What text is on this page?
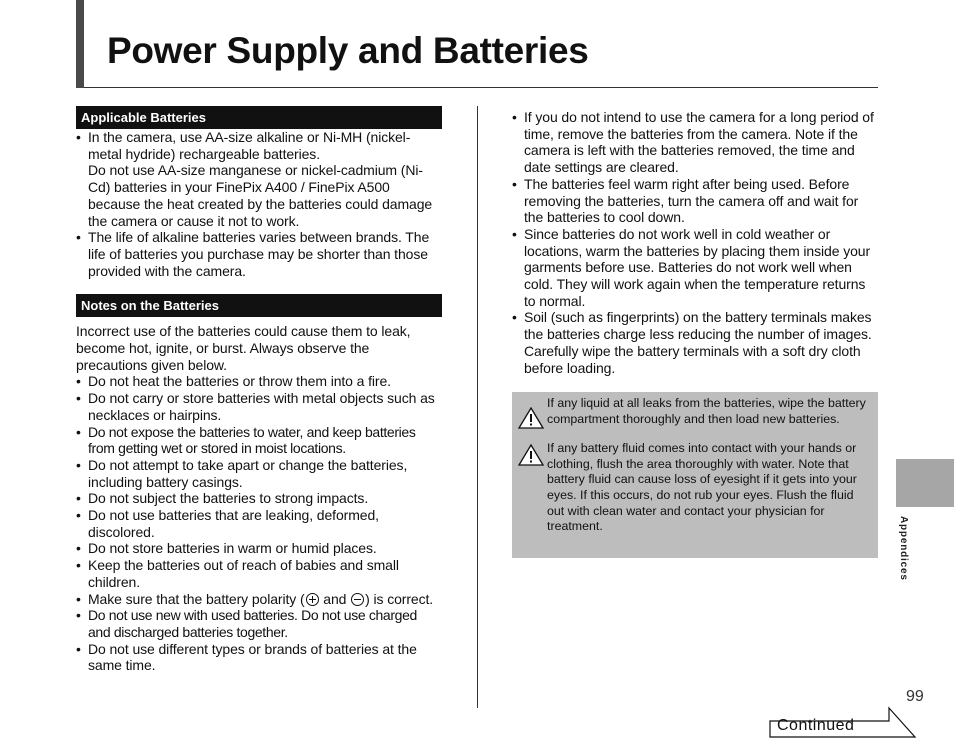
Power Supply and Batteries
Applicable Batteries
• In the camera, use AA-size alkaline or Ni-MH (nickel-metal hydride) rechargeable batteries.
Do not use AA-size manganese or nickel-cadmium (Ni-Cd) batteries in your FinePix A400 / FinePix A500 because the heat created by the batteries could damage the camera or cause it not to work.
• The life of alkaline batteries varies between brands. The life of batteries you purchase may be shorter than those provided with the camera.
Notes on the Batteries

Incorrect use of the batteries could cause them to leak, become hot, ignite, or burst. Always observe the precautions given below.

• Do not heat the batteries or throw them into a fire.
• Do not carry or store batteries with metal objects such as necklaces or hairpins.
• Do not expose the batteries to water, and keep batteries from getting wet or stored in moist locations.
• Do not attempt to take apart or change the batteries, including battery casings.
• Do not subject the batteries to strong impacts.
• Do not use batteries that are leaking, deformed, discolored.
• Do not store batteries in warm or humid places.
• Keep the batteries out of reach of babies and small children.
• Make sure that the battery polarity ( and ) is correct.
• Do not use new with used batteries. Do not use charged and discharged batteries together.
• Do not use different types or brands of batteries at the same time.
• If you do not intend to use the camera for a long period of time, remove the batteries from the camera. Note if the camera is left with the batteries removed, the time and date settings are cleared.
• The batteries feel warm right after being used. Before removing the batteries, turn the camera off and wait for the batteries to cool down.
• Since batteries do not work well in cold weather or locations, warm the batteries by placing them inside your garments before use. Batteries do not work well when cold. They will work again when the temperature returns to normal.
• Soil (such as fingerprints) on the battery terminals makes the batteries charge less reducing the number of images. Carefully wipe the battery terminals with a soft dry cloth before loading.
If any liquid at all leaks from the batteries, wipe the battery compartment thoroughly and then load new batteries.
If any battery fluid comes into contact with your hands or clothing, flush the area thoroughly with water. Note that battery fluid can cause loss of eyesight if it gets into your eyes. If this occurs, do not rub your eyes. Flush the fluid out with clean water and contact your physician for treatment.	Appendices
99
Continued
